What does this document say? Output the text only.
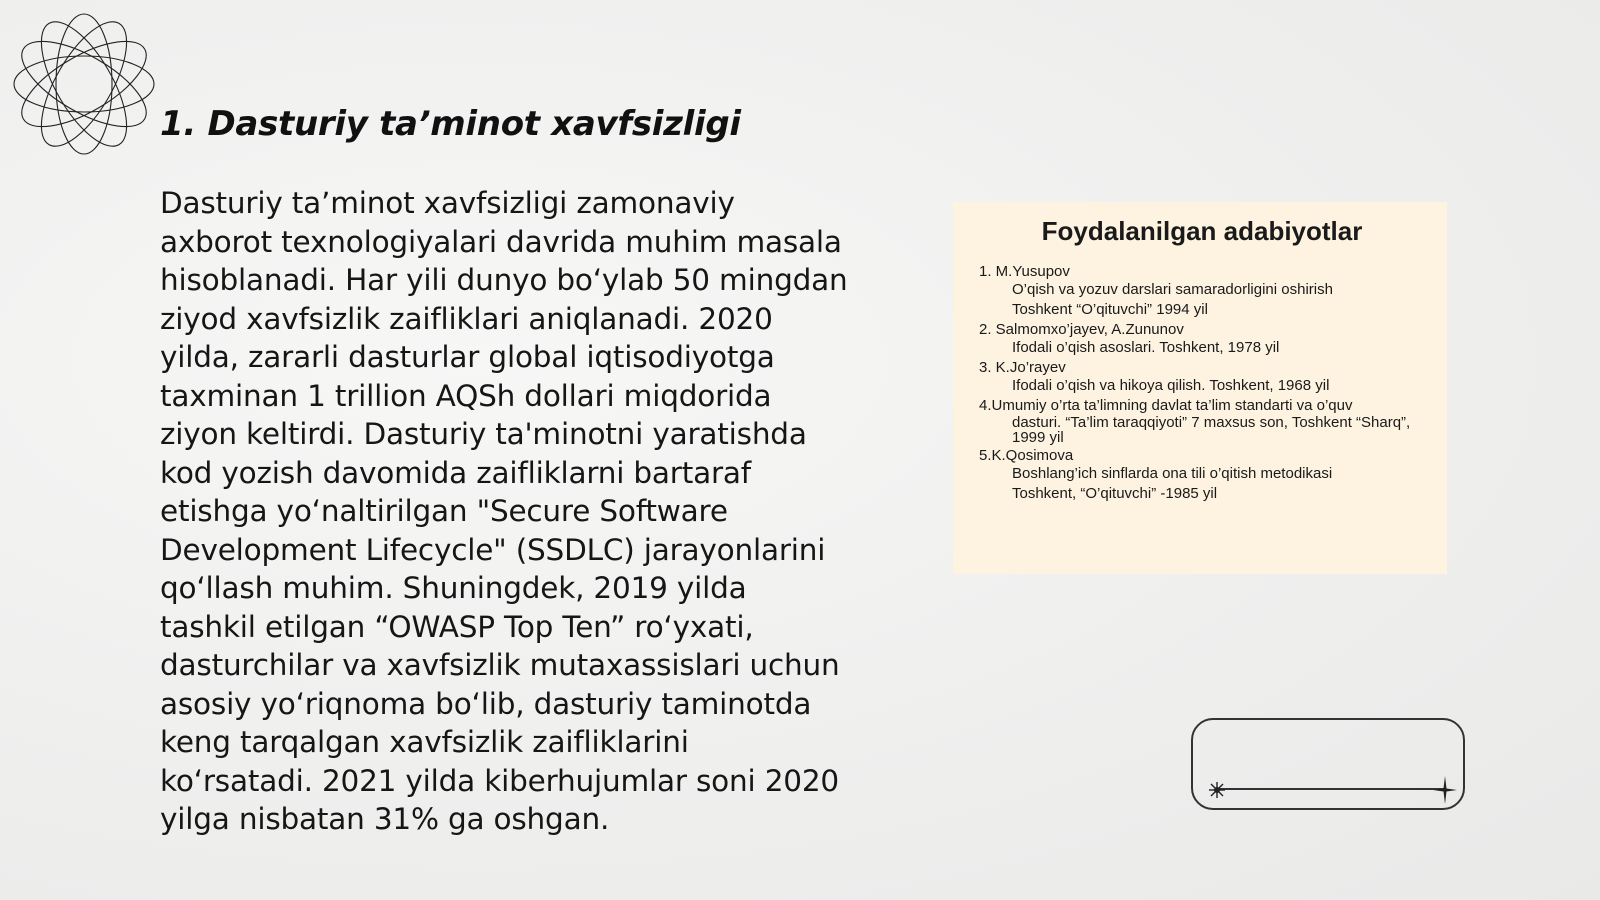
1. Dasturiy ta’minot xavfsizligi

Dasturiy ta’minot xavfsizligi zamonaviy axborot texnologiyalari davrida muhim masala hisoblanadi. Har yili dunyo bo‘ylab 50 mingdan ziyod xavfsizlik zaifliklari aniqlanadi. 2020 yilda, zararli dasturlar global iqtisodiyotga taxminan 1 trillion AQSh dollari miqdorida ziyon keltirdi. Dasturiy ta'minotni yaratishda kod yozish davomida zaifliklarni bartaraf etishga yo‘naltirilgan "Secure Software Development Lifecycle" (SSDLC) jarayonlarini qo‘llash muhim. Shuningdek, 2019 yilda tashkil etilgan “OWASP Top Ten” ro‘yxati, dasturchilar va xavfsizlik mutaxassislari uchun asosiy yo‘riqnoma bo‘lib, dasturiy taminotda keng tarqalgan xavfsizlik zaifliklarini ko‘rsatadi. 2021 yilda kiberhujumlar soni 2020 yilga nisbatan 31% ga oshgan.

Foydalanilgan adabiyotlar

1. M.Yusupov

O’qish va yozuv darslari samaradorligini oshirish

Toshkent “O’qituvchi” 1994 yil

2. Salmomxo’jayev, A.Zununov

Ifodali o’qish asoslari. Toshkent, 1978 yil

3. K.Jo’rayev

Ifodali o’qish va hikoya qilish. Toshkent, 1968 yil

4.Umumiy o’rta ta’limning davlat ta’lim standarti va o’quv

dasturi. “Ta’lim taraqqiyoti” 7 maxsus son, Toshkent “Sharq”, 1999 yil

5.K.Qosimova

Boshlang’ich sinflarda ona tili o’qitish metodikasi

Toshkent, “O’qituvchi” -1985 yil
